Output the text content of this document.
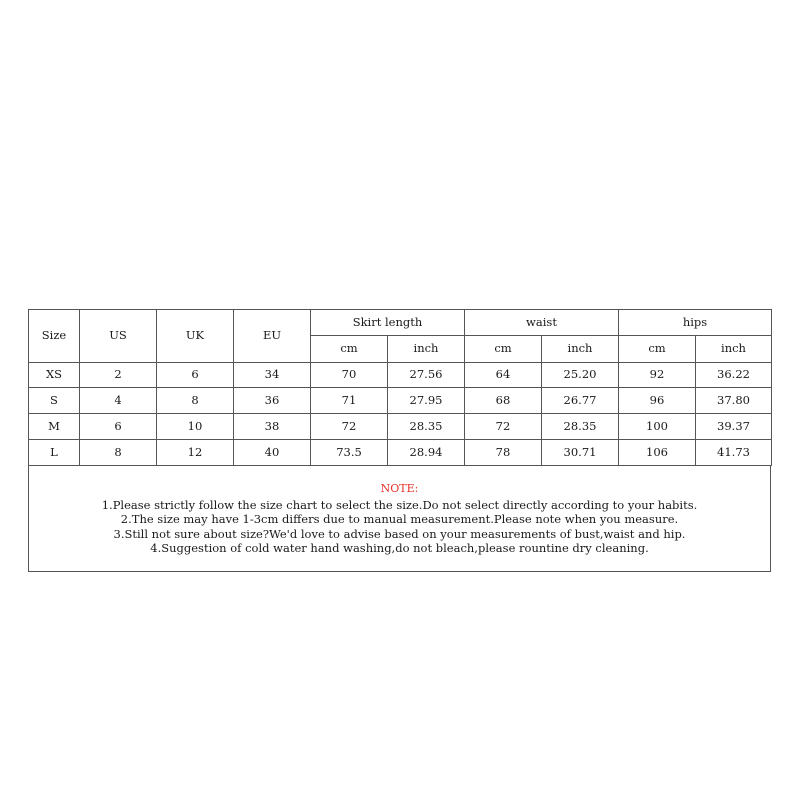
Size	US	UK	EU	Skirt length		waist		hips	
				cm	inch	cm	inch	cm	inch
XS	2	6	34	70	27.56	64	25.20	92	36.22
S	4	8	36	71	27.95	68	26.77	96	37.80
M	6	10	38	72	28.35	72	28.35	100	39.37
L	8	12	40	73.5	28.94	78	30.71	106	41.73
NOTE:
1.Please strictly follow the size chart to select the size.Do not select directly according to your habits.
2.The size may have 1-3cm differs due to manual measurement.Please note when you measure.
3.Still not sure about size?We'd love to advise based on your measurements of bust,waist and hip.
4.Suggestion of cold water hand washing,do not bleach,please rountine dry cleaning.
